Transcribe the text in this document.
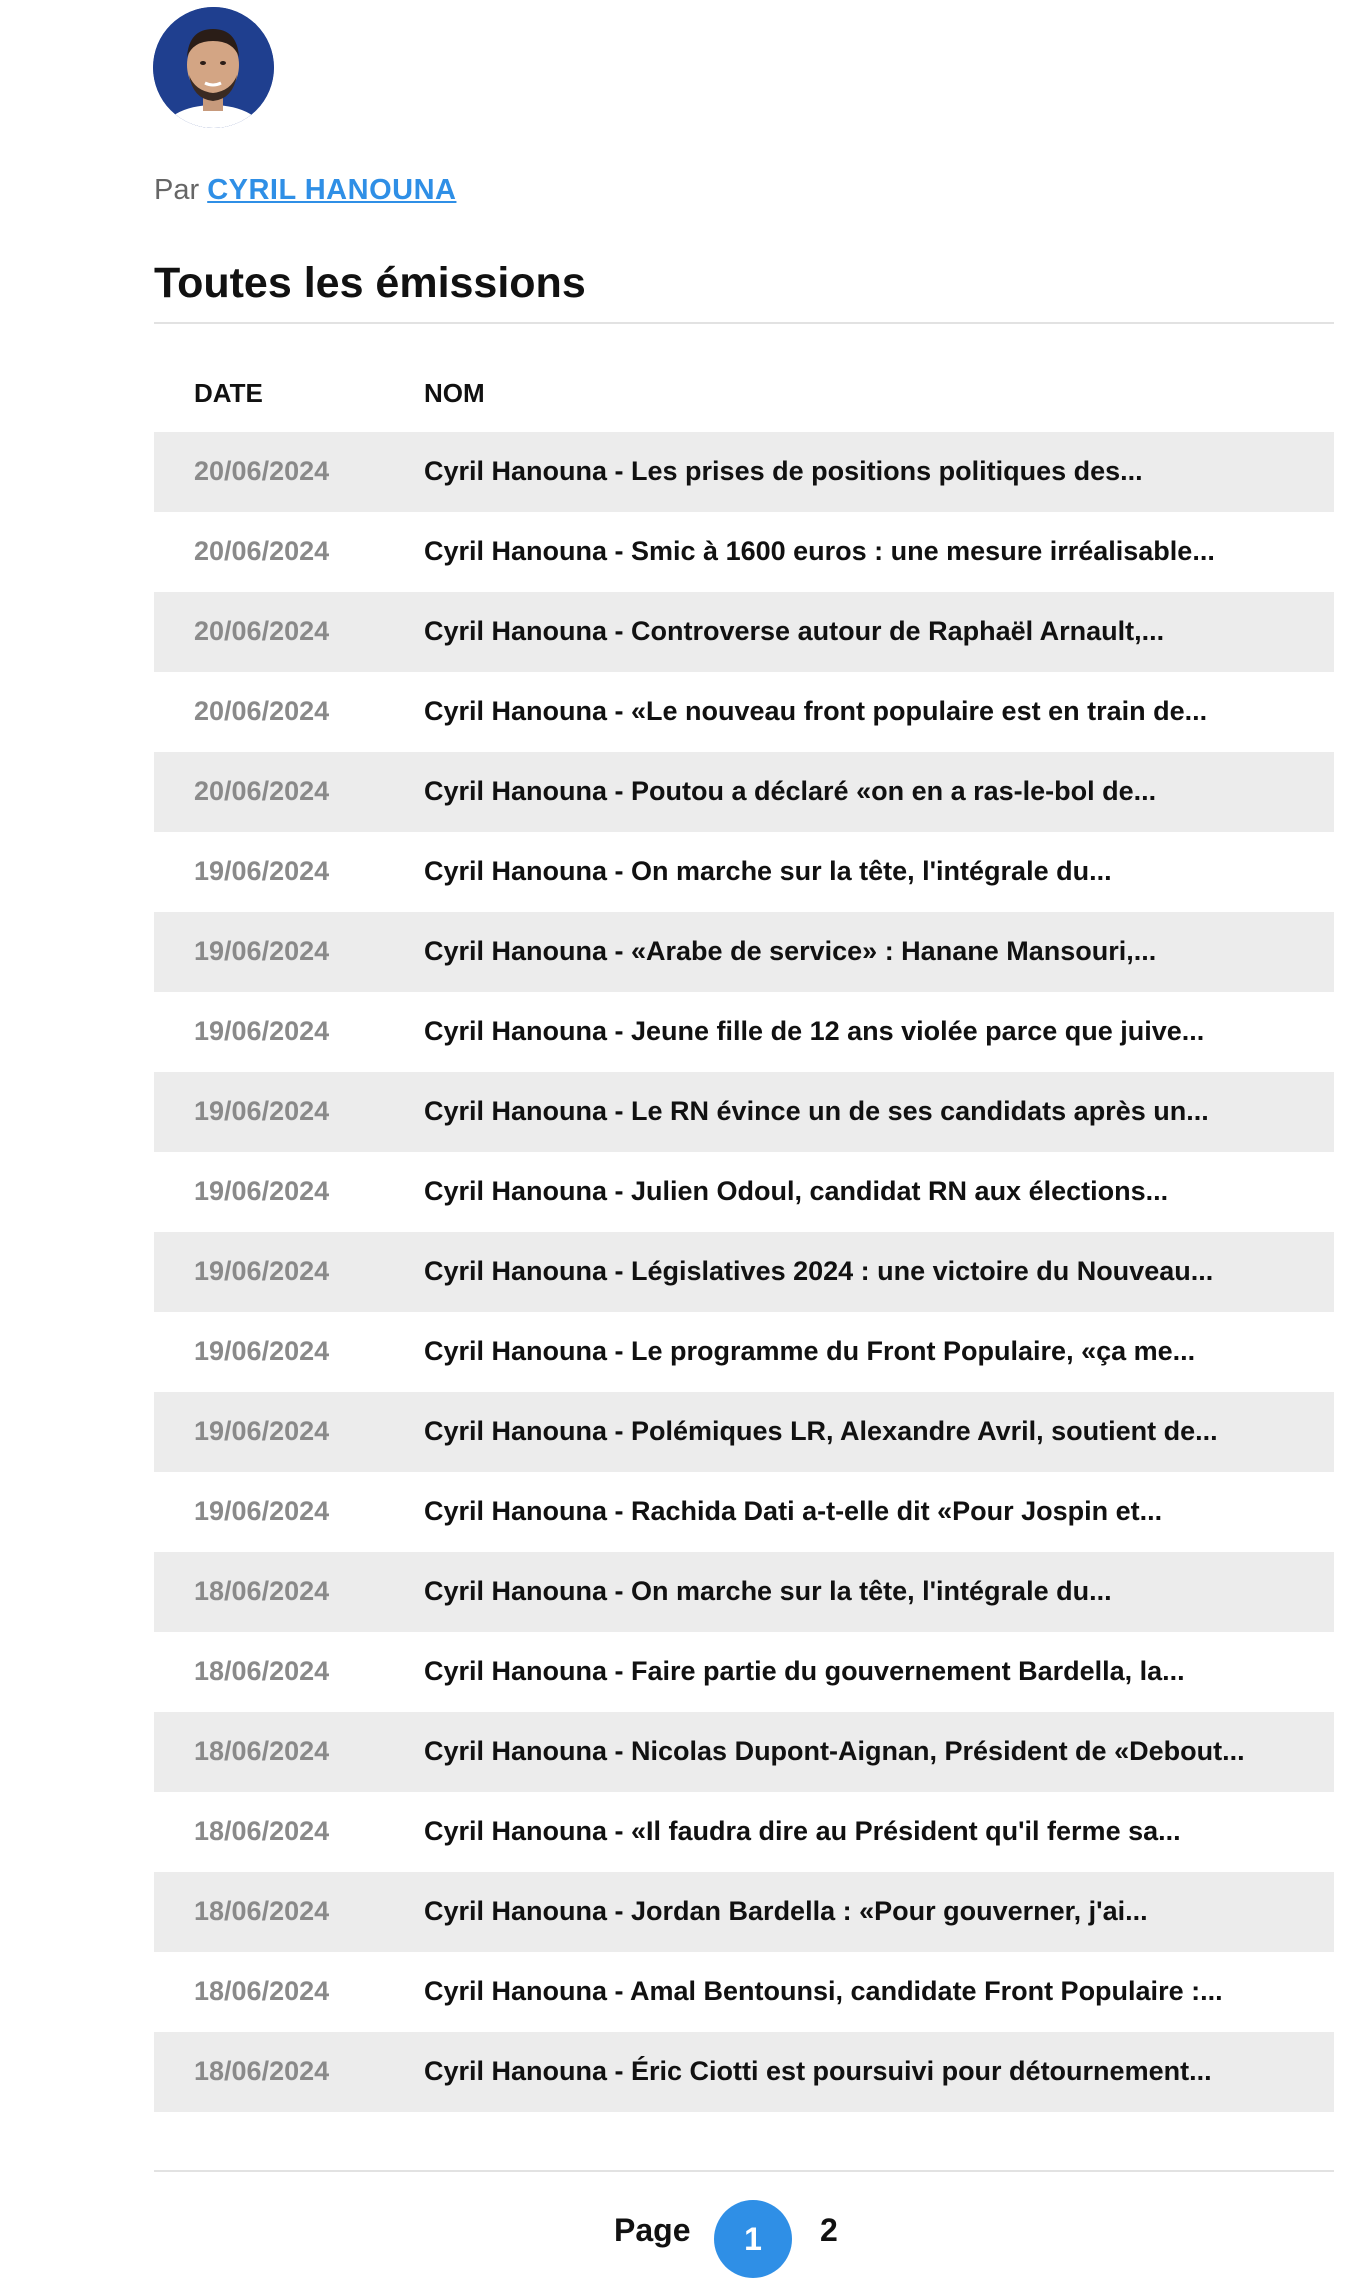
Par CYRIL HANOUNA
Toutes les émissions
DATE	NOM
20/06/2024	Cyril Hanouna - Les prises de positions politiques des...
20/06/2024	Cyril Hanouna - Smic à 1600 euros : une mesure irréalisable...
20/06/2024	Cyril Hanouna - Controverse autour de Raphaël Arnault,...
20/06/2024	Cyril Hanouna - «Le nouveau front populaire est en train de...
20/06/2024	Cyril Hanouna - Poutou a déclaré «on en a ras-le-bol de...
19/06/2024	Cyril Hanouna - On marche sur la tête, l'intégrale du...
19/06/2024	Cyril Hanouna - «Arabe de service» : Hanane Mansouri,...
19/06/2024	Cyril Hanouna - Jeune fille de 12 ans violée parce que juive...
19/06/2024	Cyril Hanouna - Le RN évince un de ses candidats après un...
19/06/2024	Cyril Hanouna - Julien Odoul, candidat RN aux élections...
19/06/2024	Cyril Hanouna - Législatives 2024 : une victoire du Nouveau...
19/06/2024	Cyril Hanouna - Le programme du Front Populaire, «ça me...
19/06/2024	Cyril Hanouna - Polémiques LR, Alexandre Avril, soutient de...
19/06/2024	Cyril Hanouna - Rachida Dati a-t-elle dit «Pour Jospin et...
18/06/2024	Cyril Hanouna - On marche sur la tête, l'intégrale du...
18/06/2024	Cyril Hanouna - Faire partie du gouvernement Bardella, la...
18/06/2024	Cyril Hanouna - Nicolas Dupont-Aignan, Président de «Debout...
18/06/2024	Cyril Hanouna - «Il faudra dire au Président qu'il ferme sa...
18/06/2024	Cyril Hanouna - Jordan Bardella : «Pour gouverner, j'ai...
18/06/2024	Cyril Hanouna - Amal Bentounsi, candidate Front Populaire :...
18/06/2024	Cyril Hanouna - Éric Ciotti est poursuivi pour détournement...
Page	1	2
